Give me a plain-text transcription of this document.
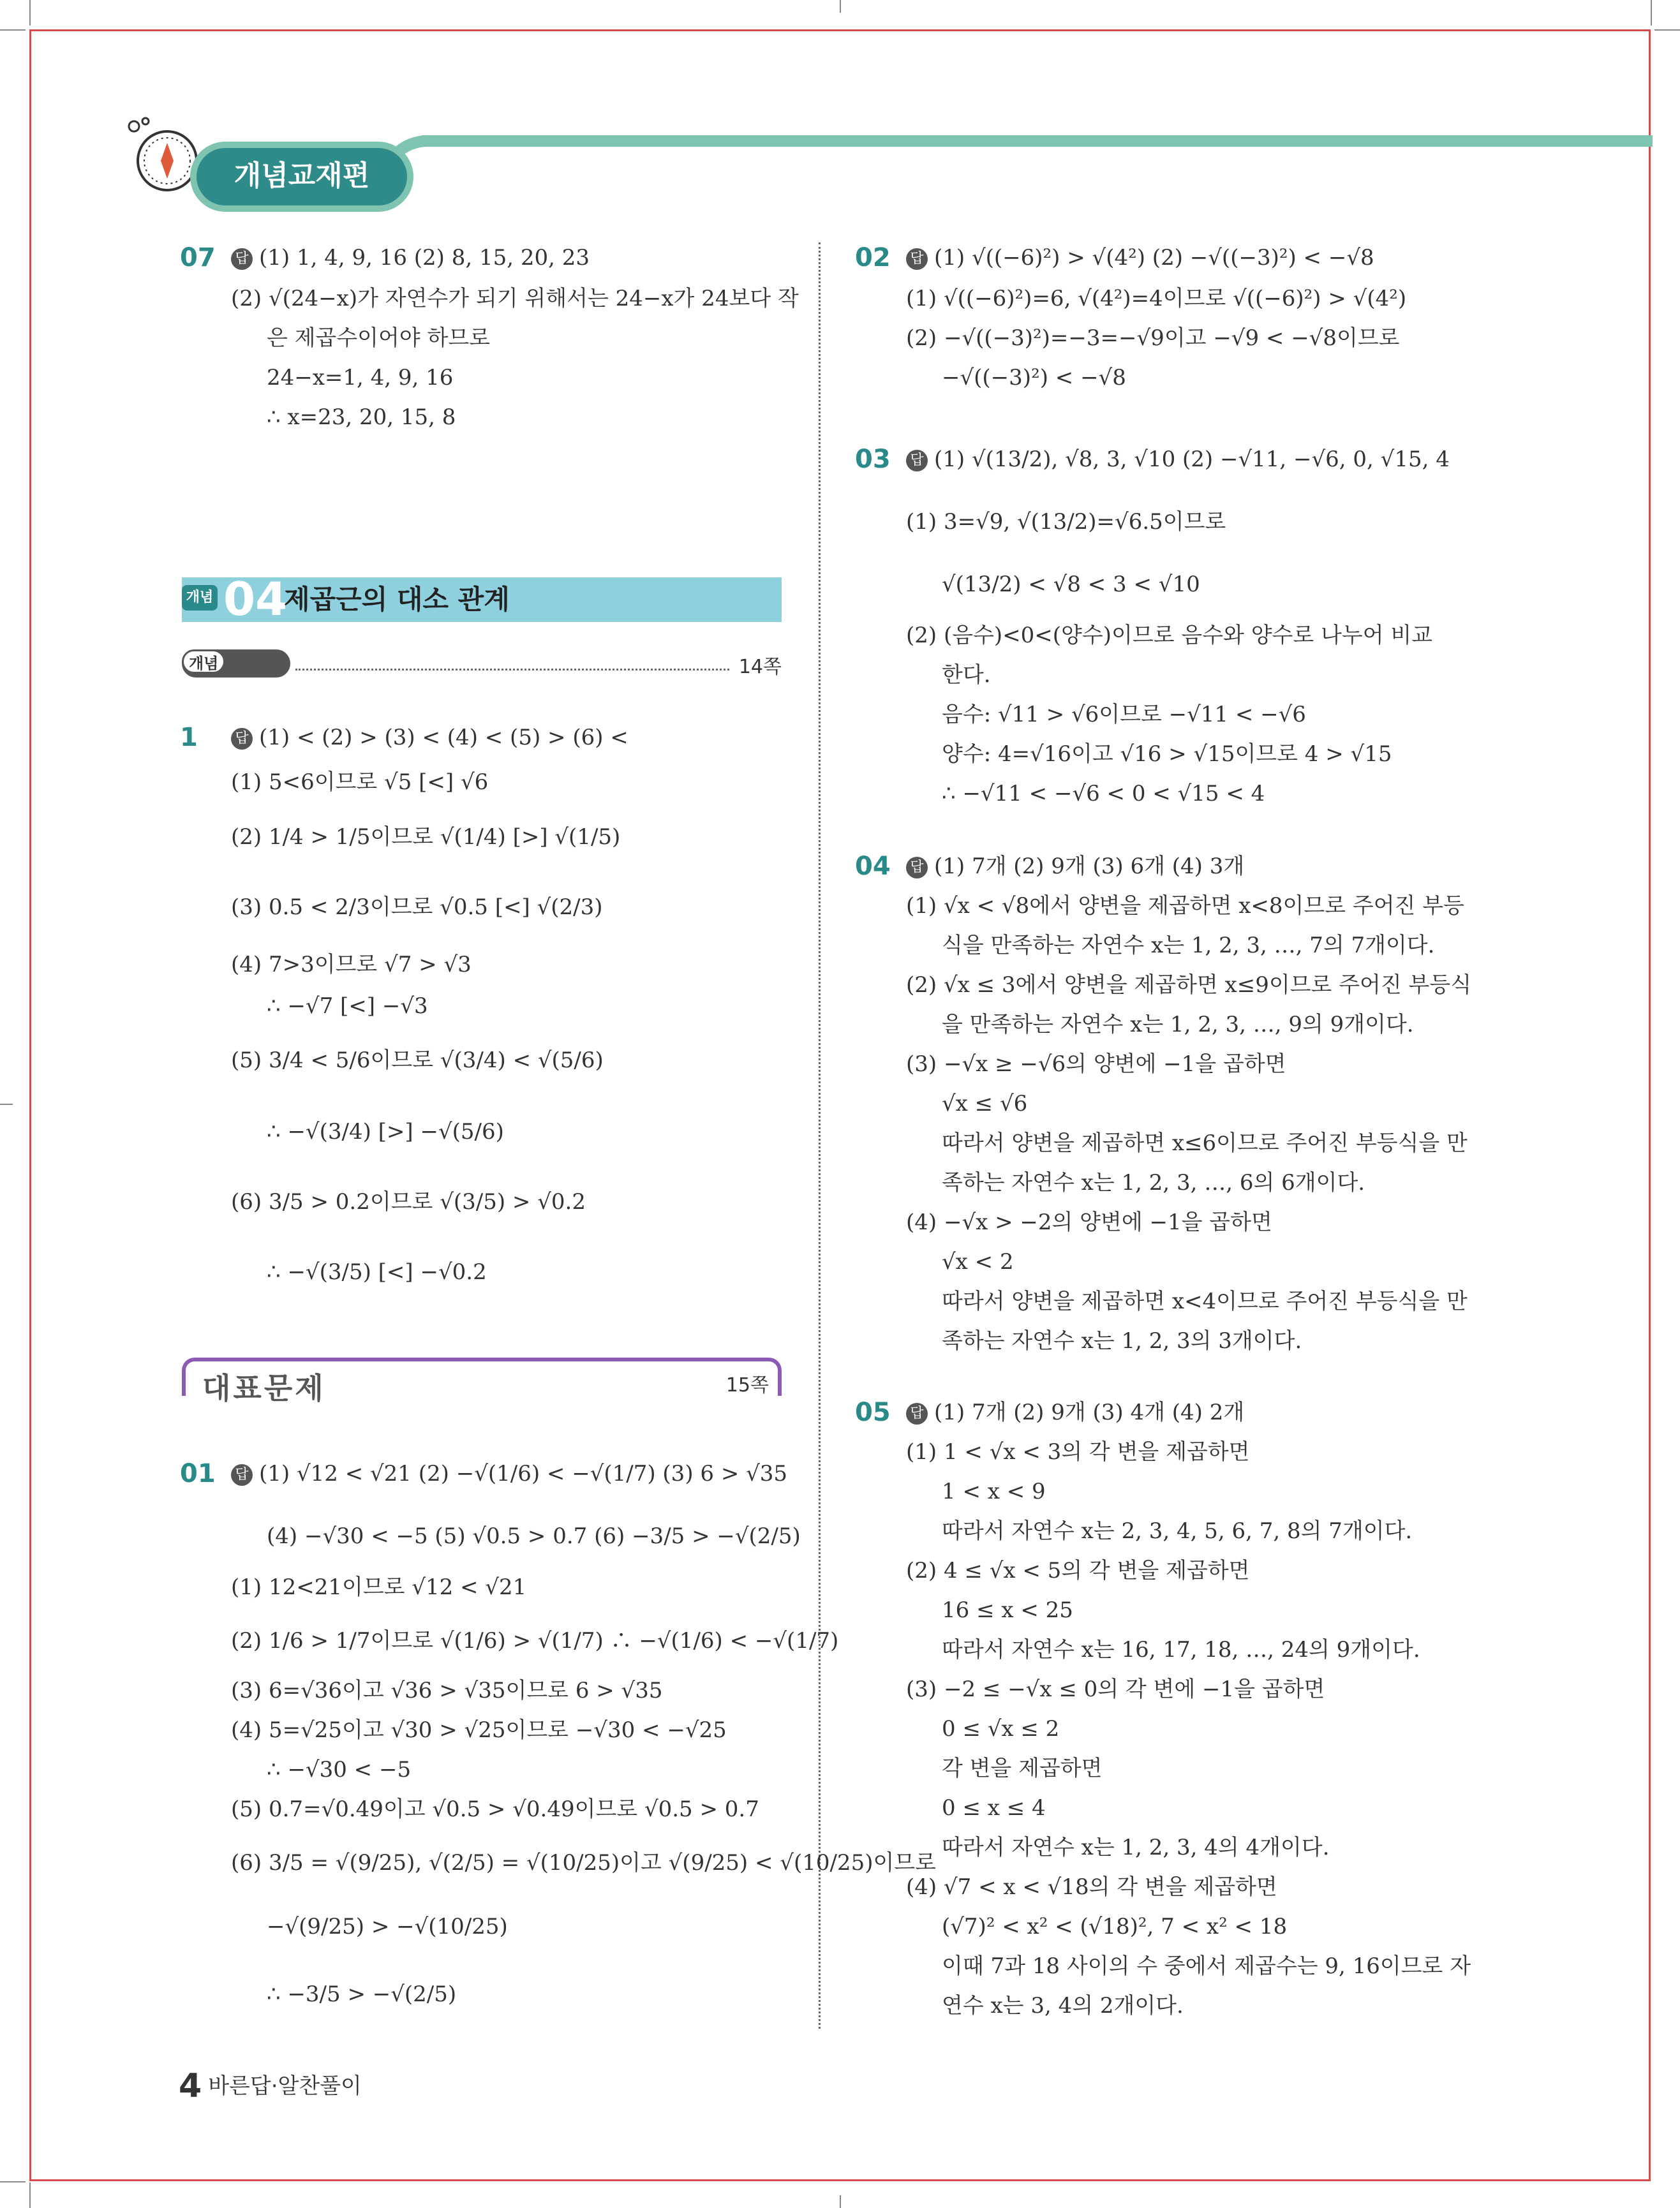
개념교재편
07 답 (1) 1, 4, 9, 16 (2) 8, 15, 20, 23
(2) √(24−x)가 자연수가 되기 위해서는 24−x가 24보다 작
은 제곱수이어야 하므로
24−x=1, 4, 9, 16
∴ x=23, 20, 15, 8
개념 04
제곱근의 대소 관계
개념 확인하기
14쪽
1	답 (1) < (2) > (3) < (4) < (5) > (6) <
(1) 5<6이므로 √5 [<] √6
(2) 1/4 > 1/5이므로 √(1/4) [>] √(1/5)
(3) 0.5 < 2/3이므로 √0.5 [<] √(2/3)
(4) 7>3이므로 √7 > √3
∴ −√7 [<] −√3
(5) 3/4 < 5/6이므로 √(3/4) < √(5/6)
∴ −√(3/4) [>] −√(5/6)
(6) 3/5 > 0.2이므로 √(3/5) > √0.2
∴ −√(3/5) [<] −√0.2
대표문제	15쪽
01 답 (1) √12 < √21 (2) −√(1/6) < −√(1/7) (3) 6 > √35
(4) −√30 < −5 (5) √0.5 > 0.7 (6) −3/5 > −√(2/5)
(1) 12<21이므로 √12 < √21
(2) 1/6 > 1/7이므로 √(1/6) > √(1/7) ∴ −√(1/6) < −√(1/7)
(3) 6=√36이고 √36 > √35이므로 6 > √35
(4) 5=√25이고 √30 > √25이므로 −√30 < −√25
∴ −√30 < −5
(5) 0.7=√0.49이고 √0.5 > √0.49이므로 √0.5 > 0.7
(6) 3/5 = √(9/25), √(2/5) = √(10/25)이고 √(9/25) < √(10/25)이므로
−√(9/25) > −√(10/25)
∴ −3/5 > −√(2/5)
02 답 (1) √((−6)²) > √(4²) (2) −√((−3)²) < −√8
(1) √((−6)²)=6, √(4²)=4이므로 √((−6)²) > √(4²)
(2) −√((−3)²)=−3=−√9이고 −√9 < −√8이므로
−√((−3)²) < −√8
03 답 (1) √(13/2), √8, 3, √10 (2) −√11, −√6, 0, √15, 4
(1) 3=√9, √(13/2)=√6.5이므로
√(13/2) < √8 < 3 < √10
(2) (음수)<0<(양수)이므로 음수와 양수로 나누어 비교
한다.
음수: √11 > √6이므로 −√11 < −√6
양수: 4=√16이고 √16 > √15이므로 4 > √15
∴ −√11 < −√6 < 0 < √15 < 4
04 답 (1) 7개 (2) 9개 (3) 6개 (4) 3개
(1) √x < √8에서 양변을 제곱하면 x<8이므로 주어진 부등
식을 만족하는 자연수 x는 1, 2, 3, …, 7의 7개이다.
(2) √x ≤ 3에서 양변을 제곱하면 x≤9이므로 주어진 부등식
을 만족하는 자연수 x는 1, 2, 3, …, 9의 9개이다.
(3) −√x ≥ −√6의 양변에 −1을 곱하면
√x ≤ √6
따라서 양변을 제곱하면 x≤6이므로 주어진 부등식을 만
족하는 자연수 x는 1, 2, 3, …, 6의 6개이다.
(4) −√x > −2의 양변에 −1을 곱하면
√x < 2
따라서 양변을 제곱하면 x<4이므로 주어진 부등식을 만
족하는 자연수 x는 1, 2, 3의 3개이다.
05 답 (1) 7개 (2) 9개 (3) 4개 (4) 2개
(1) 1 < √x < 3의 각 변을 제곱하면
1 < x < 9
따라서 자연수 x는 2, 3, 4, 5, 6, 7, 8의 7개이다.
(2) 4 ≤ √x < 5의 각 변을 제곱하면
16 ≤ x < 25
따라서 자연수 x는 16, 17, 18, …, 24의 9개이다.
(3) −2 ≤ −√x ≤ 0의 각 변에 −1을 곱하면
0 ≤ √x ≤ 2
각 변을 제곱하면
0 ≤ x ≤ 4
따라서 자연수 x는 1, 2, 3, 4의 4개이다.
(4) √7 < x < √18의 각 변을 제곱하면
(√7)² < x² < (√18)², 7 < x² < 18
이때 7과 18 사이의 수 중에서 제곱수는 9, 16이므로 자
연수 x는 3, 4의 2개이다.
4 바른답·알찬풀이
